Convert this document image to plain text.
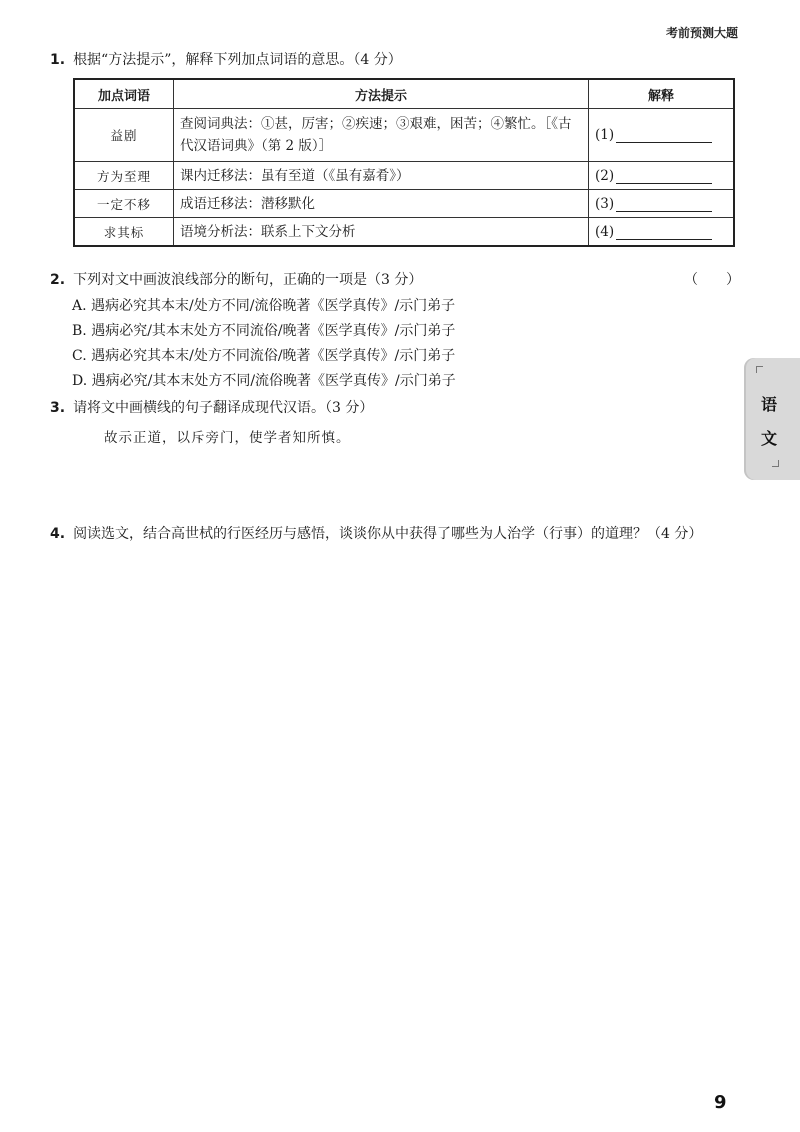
考前预测大题
1. 根据“方法提示”，解释下列加点词语的意思。（4 分）
加点词语	方法提示	解释
益剧	查阅词典法：①甚，厉害；②疾速；③艰难，困苦；④繁忙。［《古代汉语词典》（第 2 版）］	(1)
方为至理	课内迁移法：虽有至道（《虽有嘉肴》）	(2)
一定不移	成语迁移法：潜移默化	(3)
求其标	语境分析法：联系上下文分析	(4)
2. 下列对文中画波浪线部分的断句，正确的一项是（3 分）	（　　）
A. 遇病必究其本末/处方不同/流俗晚著《医学真传》/示门弟子
B. 遇病必究/其本末处方不同流俗/晚著《医学真传》/示门弟子
C. 遇病必究其本末/处方不同流俗/晚著《医学真传》/示门弟子
D. 遇病必究/其本末处方不同/流俗晚著《医学真传》/示门弟子
3. 请将文中画横线的句子翻译成现代汉语。（3 分）
故示正道，以斥旁门，使学者知所慎。
4. 阅读选文，结合高世栻的行医经历与感悟，谈谈你从中获得了哪些为人治学（行事）的道理？（4 分）
语
文
9
